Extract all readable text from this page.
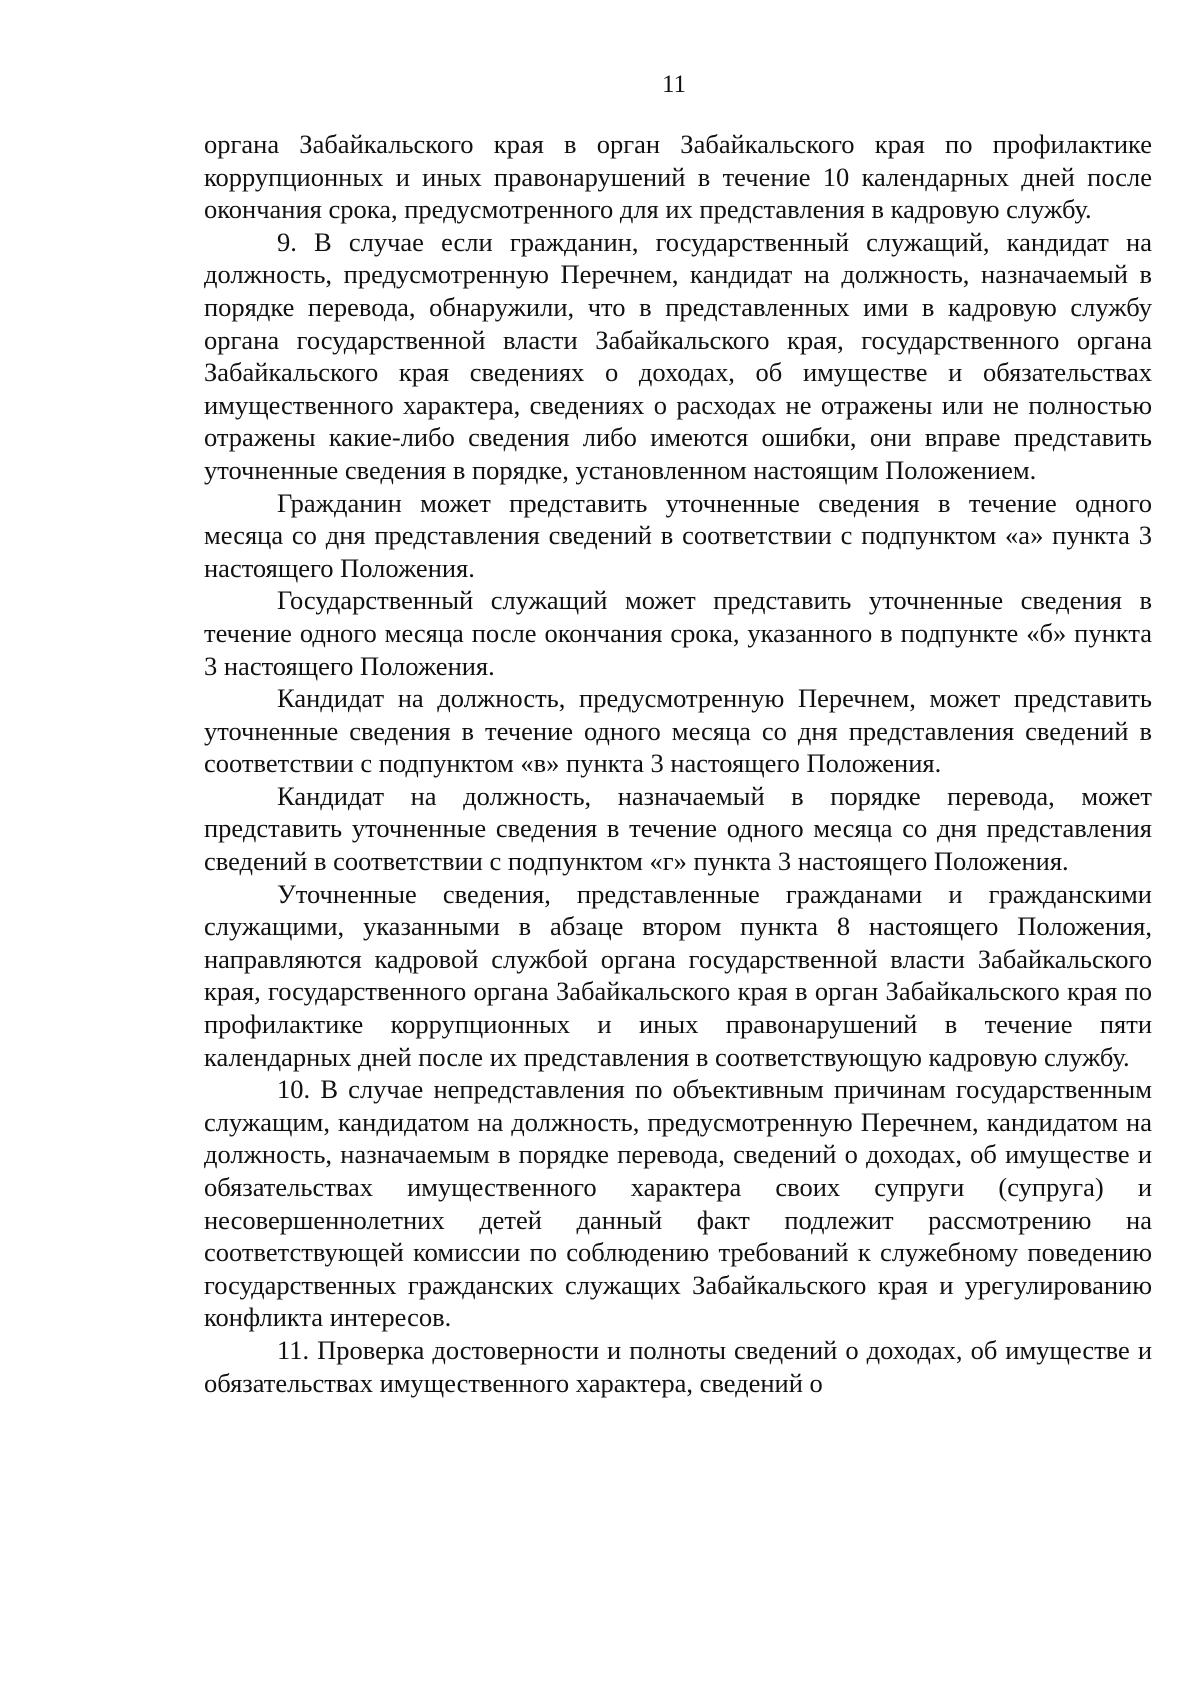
11

органа Забайкальского края в орган Забайкальского края по профилактике коррупционных и иных правонарушений в течение 10 календарных дней после окончания срока, предусмотренного для их представления в кадровую службу.

9. В случае если гражданин, государственный служащий, кандидат на должность, предусмотренную Перечнем, кандидат на должность, назначаемый в порядке перевода, обнаружили, что в представленных ими в кадровую службу органа государственной власти Забайкальского края, государственного органа Забайкальского края сведениях о доходах, об имуществе и обязательствах имущественного характера, сведениях о расходах не отражены или не полностью отражены какие-либо сведения либо имеются ошибки, они вправе представить уточненные сведения в порядке, установленном настоящим Положением.

Гражданин может представить уточненные сведения в течение одного месяца со дня представления сведений в соответствии с подпунктом «а» пункта 3 настоящего Положения.

Государственный служащий может представить уточненные сведения в течение одного месяца после окончания срока, указанного в подпункте «б» пункта 3 настоящего Положения.

Кандидат на должность, предусмотренную Перечнем, может представить уточненные сведения в течение одного месяца со дня представления сведений в соответствии с подпунктом «в» пункта 3 настоящего Положения.

Кандидат на должность, назначаемый в порядке перевода, может представить уточненные сведения в течение одного месяца со дня представления сведений в соответствии с подпунктом «г» пункта 3 настоящего Положения.

Уточненные сведения, представленные гражданами и гражданскими служащими, указанными в абзаце втором пункта 8 настоящего Положения, направляются кадровой службой органа государственной власти Забайкальского края, государственного органа Забайкальского края в орган Забайкальского края по профилактике коррупционных и иных правонарушений в течение пяти календарных дней после их представления в соответствующую кадровую службу.

10. В случае непредставления по объективным причинам государственным служащим, кандидатом на должность, предусмотренную Перечнем, кандидатом на должность, назначаемым в порядке перевода, сведений о доходах, об имуществе и обязательствах имущественного характера своих супруги (супруга) и несовершеннолетних детей данный факт подлежит рассмотрению на соответствующей комиссии по соблюдению требований к служебному поведению государственных гражданских служащих Забайкальского края и урегулированию конфликта интересов.

11. Проверка достоверности и полноты сведений о доходах, об имуществе и обязательствах имущественного характера, сведений о
